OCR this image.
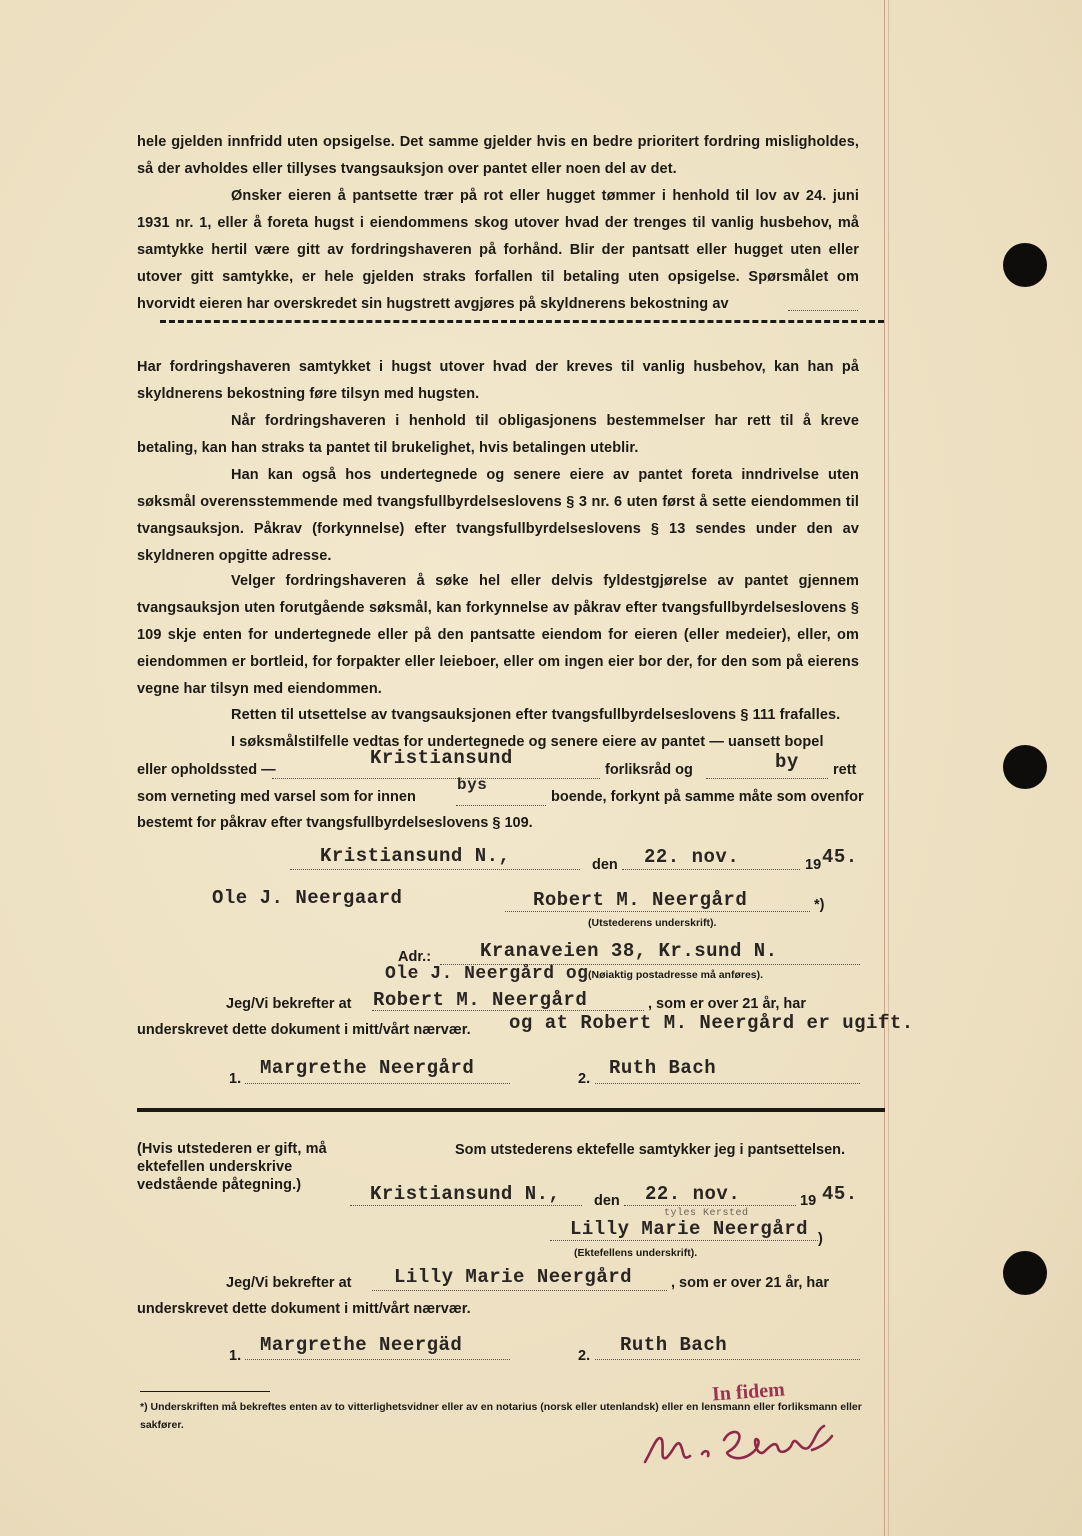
hele gjelden innfridd uten opsigelse. Det samme gjelder hvis en bedre prioritert fordring misligholdes, så der avholdes eller tillyses tvangsauksjon over pantet eller noen del av det.

Ønsker eieren å pantsette trær på rot eller hugget tømmer i henhold til lov av 24. juni 1931 nr. 1, eller å foreta hugst i eiendommens skog utover hvad der trenges til vanlig husbehov, må samtykke hertil være gitt av fordringshaveren på forhånd. Blir der pantsatt eller hugget uten eller utover gitt samtykke, er hele gjelden straks forfallen til betaling uten opsigelse. Spørsmålet om hvorvidt eieren har overskredet sin hugstrett avgjøres på skyldnerens bekostning av

Har fordringshaveren samtykket i hugst utover hvad der kreves til vanlig husbehov, kan han på skyldnerens bekostning føre tilsyn med hugsten.

Når fordringshaveren i henhold til obligasjonens bestemmelser har rett til å kreve betaling, kan han straks ta pantet til brukelighet, hvis betalingen uteblir.

Han kan også hos undertegnede og senere eiere av pantet foreta inndrivelse uten søksmål overensstemmende med tvangsfullbyrdelseslovens § 3 nr. 6 uten først å sette eiendommen til tvangsauksjon. Påkrav (forkynnelse) efter tvangsfullbyrdelseslovens § 13 sendes under den av skyldneren opgitte adresse.

Velger fordringshaveren å søke hel eller delvis fyldestgjørelse av pantet gjennem tvangsauksjon uten forutgående søksmål, kan forkynnelse av påkrav efter tvangsfullbyrdelseslovens § 109 skje enten for undertegnede eller på den pantsatte eiendom for eieren (eller medeier), eller, om eiendommen er bortleid, for forpakter eller leieboer, eller om ingen eier bor der, for den som på eierens vegne har tilsyn med eiendommen.

Retten til utsettelse av tvangsauksjonen efter tvangsfullbyrdelseslovens § 111 frafalles.

I søksmålstilfelle vedtas for undertegnede og senere eiere av pantet — uansett bopel

eller opholdssted —
Kristiansund
forliksråd og	by rett
som verneting med varsel som for innen
bys
boende, forkynt på samme måte som ovenfor
bestemt for påkrav efter tvangsfullbyrdelseslovens § 109.
Kristiansund N.,	den 22. nov.	19 45.
Ole J. Neergaard	Robert M. Neergård	*)
(Utstederens underskrift).
Adr.:	Kranaveien 38, Kr.sund N.
Ole J. Neergård og (Nøiaktig postadresse må anføres).
Jeg/Vi bekrefter at Robert M. Neergård	, som er over 21 år, har
underskrevet dette dokument i mitt/vårt nærvær. og at Robert M. Neergård er ugift.
1. Margrethe Neergård	2. Ruth Bach

(Hvis utstederen er gift, må ektefellen underskrive vedstående påtegning.)

Som utstederens ektefelle samtykker jeg i pantsettelsen.
Kristiansund N., den 22. nov.	19 45.
tyles Kersted
Lilly Marie Neergård )
(Ektefellens underskrift).
Jeg/Vi bekrefter at Lilly Marie Neergård	, som er over 21 år, har
underskrevet dette dokument i mitt/vårt nærvær.
1. Margrethe Neergäd	2. Ruth Bach

*) Underskriften må bekreftes enten av to vitterlighetsvidner eller av en notarius (norsk eller utenlandsk) eller en lensmann eller forliksmann eller sakfører.

In fidem
